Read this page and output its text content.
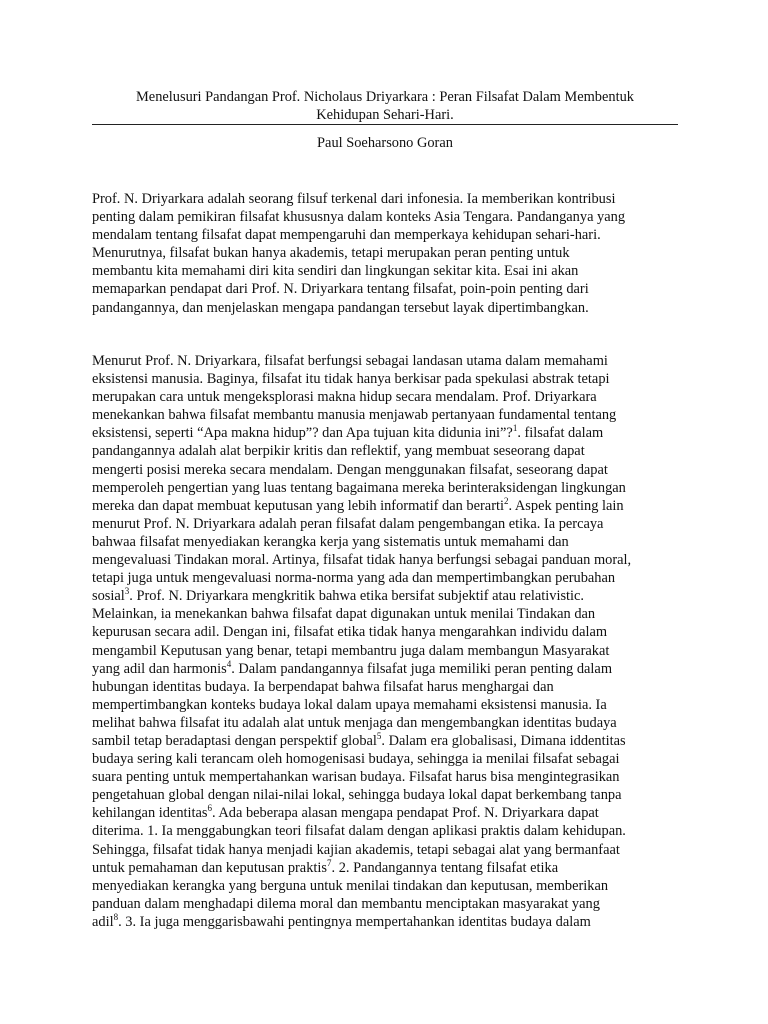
Menelusuri Pandangan Prof. Nicholaus Driyarkara : Peran Filsafat Dalam Membentuk
Kehidupan Sehari-Hari.
Paul Soeharsono Goran
Prof. N. Driyarkara adalah seorang filsuf terkenal dari infonesia. Ia memberikan kontribusi
penting dalam pemikiran filsafat khususnya dalam konteks Asia Tengara. Pandanganya yang
mendalam tentang filsafat dapat mempengaruhi dan memperkaya kehidupan sehari-hari.
Menurutnya, filsafat bukan hanya akademis, tetapi merupakan peran penting untuk
membantu kita memahami diri kita sendiri dan lingkungan sekitar kita. Esai ini akan
memaparkan pendapat dari Prof. N. Driyarkara tentang filsafat, poin-poin penting dari
pandangannya, dan menjelaskan mengapa pandangan tersebut layak dipertimbangkan.
Menurut Prof. N. Driyarkara, filsafat berfungsi sebagai landasan utama dalam memahami
eksistensi manusia. Baginya, filsafat itu tidak hanya berkisar pada spekulasi abstrak tetapi
merupakan cara untuk mengeksplorasi makna hidup secara mendalam. Prof. Driyarkara
menekankan bahwa filsafat membantu manusia menjawab pertanyaan fundamental tentang
eksistensi, seperti “Apa makna hidup”? dan Apa tujuan kita didunia ini”?$^1$. filsafat dalam
pandangannya adalah alat berpikir kritis dan reflektif, yang membuat seseorang dapat
mengerti posisi mereka secara mendalam. Dengan menggunakan filsafat, seseorang dapat
memperoleh pengertian yang luas tentang bagaimana mereka berinteraksidengan lingkungan
mereka dan dapat membuat keputusan yang lebih informatif dan berarti$^2$. Aspek penting lain
menurut Prof. N. Driyarkara adalah peran filsafat dalam pengembangan etika. Ia percaya
bahwaa filsafat menyediakan kerangka kerja yang sistematis untuk memahami dan
mengevaluasi Tindakan moral. Artinya, filsafat tidak hanya berfungsi sebagai panduan moral,
tetapi juga untuk mengevaluasi norma-norma yang ada dan mempertimbangkan perubahan
sosial$^3$. Prof. N. Driyarkara mengkritik bahwa etika bersifat subjektif atau relativistic.
Melainkan, ia menekankan bahwa filsafat dapat digunakan untuk menilai Tindakan dan
kepurusan secara adil. Dengan ini, filsafat etika tidak hanya mengarahkan individu dalam
mengambil Keputusan yang benar, tetapi membantru juga dalam membangun Masyarakat
yang adil dan harmonis$^4$. Dalam pandangannya filsafat juga memiliki peran penting dalam
hubungan identitas budaya. Ia berpendapat bahwa filsafat harus menghargai dan
mempertimbangkan konteks budaya lokal dalam upaya memahami eksistensi manusia. Ia
melihat bahwa filsafat itu adalah alat untuk menjaga dan mengembangkan identitas budaya
sambil tetap beradaptasi dengan perspektif global$^5$. Dalam era globalisasi, Dimana iddentitas
budaya sering kali terancam oleh homogenisasi budaya, sehingga ia menilai filsafat sebagai
suara penting untuk mempertahankan warisan budaya. Filsafat harus bisa mengintegrasikan
pengetahuan global dengan nilai-nilai lokal, sehingga budaya lokal dapat berkembang tanpa
kehilangan identitas$^6$. Ada beberapa alasan mengapa pendapat Prof. N. Driyarkara dapat
diterima. 1. Ia menggabungkan teori filsafat dalam dengan aplikasi praktis dalam kehidupan.
Sehingga, filsafat tidak hanya menjadi kajian akademis, tetapi sebagai alat yang bermanfaat
untuk pemahaman dan keputusan praktis$^7$. 2. Pandangannya tentang filsafat etika
menyediakan kerangka yang berguna untuk menilai tindakan dan keputusan, memberikan
panduan dalam menghadapi dilema moral dan membantu menciptakan masyarakat yang
adil$^8$. 3. Ia juga menggarisbawahi pentingnya mempertahankan identitas budaya dalam
